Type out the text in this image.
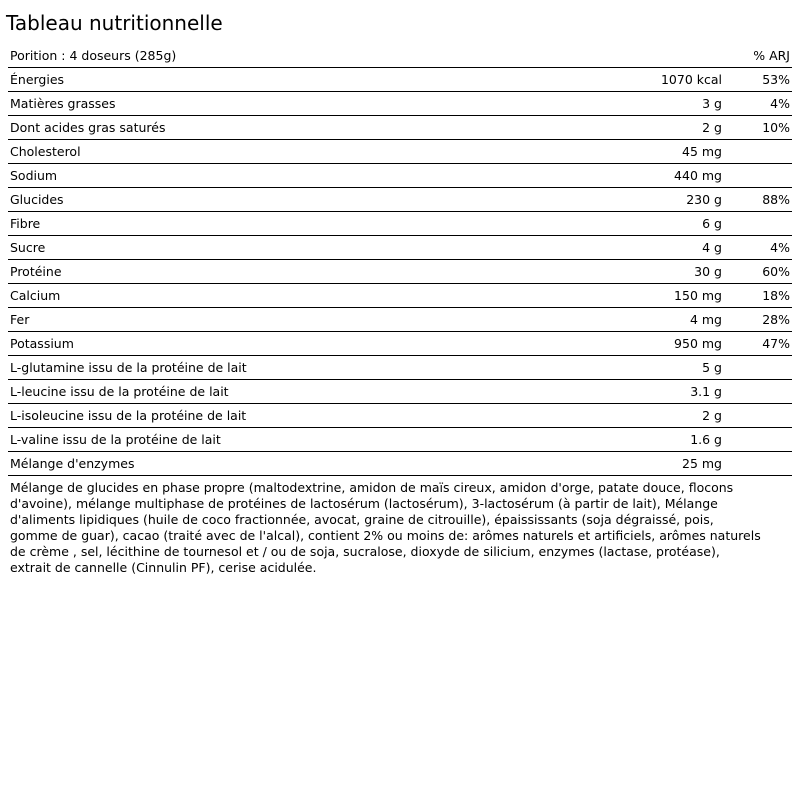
Tableau nutritionnelle
Porition : 4 doseurs (285g)	% ARJ
Énergies	1070 kcal	53%
Matières grasses	3 g	4%
Dont acides gras saturés	2 g	10%
Cholesterol	45 mg
Sodium	440 mg
Glucides	230 g	88%
Fibre	6 g
Sucre	4 g	4%
Protéine	30 g	60%
Calcium	150 mg	18%
Fer	4 mg	28%
Potassium	950 mg	47%
L-glutamine issu de la protéine de lait	5 g
L-leucine issu de la protéine de lait	3.1 g
L-isoleucine issu de la protéine de lait	2 g
L-valine issu de la protéine de lait	1.6 g
Mélange d'enzymes	25 mg
Mélange de glucides en phase propre (maltodextrine, amidon de maïs cireux, amidon d'orge, patate douce, flocons
d'avoine), mélange multiphase de protéines de lactosérum (lactosérum), 3-lactosérum (à partir de lait), Mélange
d'aliments lipidiques (huile de coco fractionnée, avocat, graine de citrouille), épaississants (soja dégraissé, pois,
gomme de guar), cacao (traité avec de l'alcal), contient 2% ou moins de: arômes naturels et artificiels, arômes naturels
de crème , sel, lécithine de tournesol et / ou de soja, sucralose, dioxyde de silicium, enzymes (lactase, protéase),
extrait de cannelle (Cinnulin PF), cerise acidulée.
